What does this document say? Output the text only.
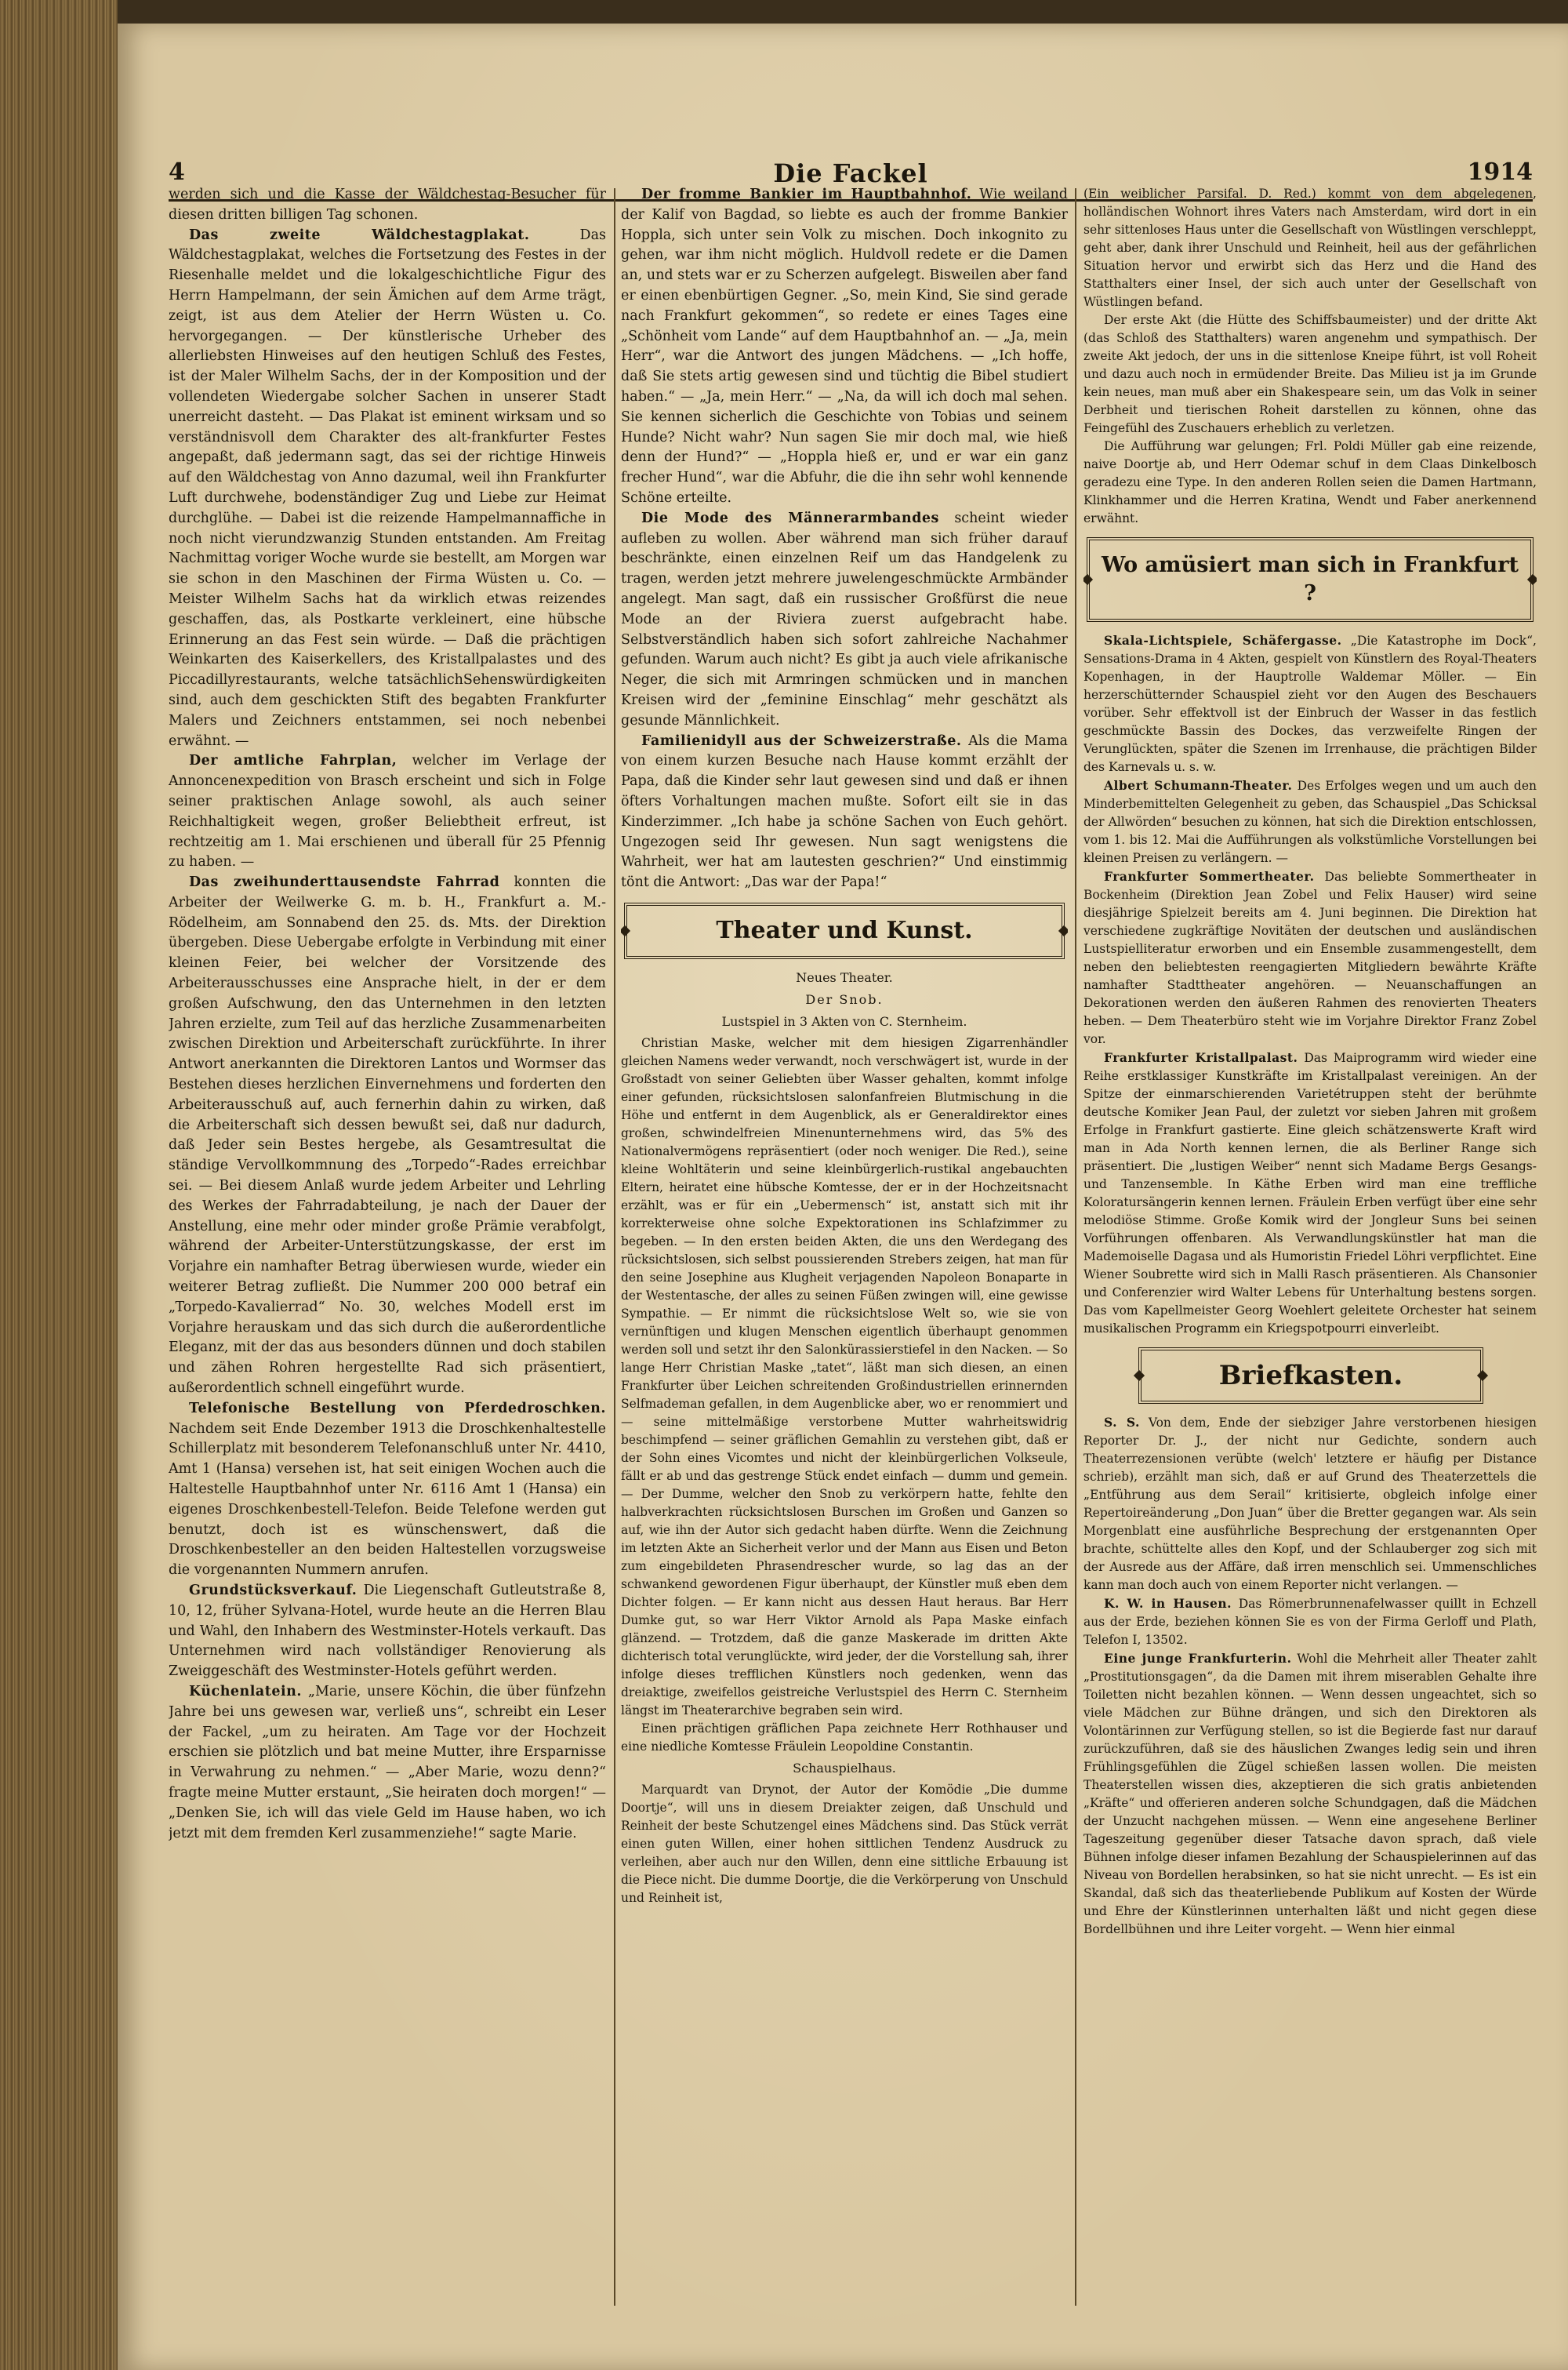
4	Die Fackel	1914

werden sich und die Kasse der Wäldchestag-Besucher für diesen dritten billigen Tag schonen.

Das zweite Wäldchestagplakat. Das Wäldchestagplakat, welches die Fortsetzung des Festes in der Riesenhalle meldet und die lokalgeschichtliche Figur des Herrn Hampelmann, der sein Ämichen auf dem Arme trägt, zeigt, ist aus dem Atelier der Herrn Wüsten u. Co. hervorgegangen. — Der künstlerische Urheber des allerliebsten Hinweises auf den heutigen Schluß des Festes, ist der Maler Wilhelm Sachs, der in der Komposition und der vollendeten Wiedergabe solcher Sachen in unserer Stadt unerreicht dasteht. — Das Plakat ist eminent wirksam und so verständnisvoll dem Charakter des alt-frankfurter Festes angepaßt, daß jedermann sagt, das sei der richtige Hinweis auf den Wäldchestag von Anno dazumal, weil ihn Frankfurter Luft durchwehe, bodenständiger Zug und Liebe zur Heimat durchglühe. — Dabei ist die reizende Hampelmannaffiche in noch nicht vierundzwanzig Stunden entstanden. Am Freitag Nachmittag voriger Woche wurde sie bestellt, am Morgen war sie schon in den Maschinen der Firma Wüsten u. Co. — Meister Wilhelm Sachs hat da wirklich etwas reizendes geschaffen, das, als Postkarte verkleinert, eine hübsche Erinnerung an das Fest sein würde. — Daß die prächtigen Weinkarten des Kaiserkellers, des Kristallpalastes und des Piccadillyrestaurants, welche tatsächlichSehenswürdigkeiten sind, auch dem geschickten Stift des begabten Frankfurter Malers und Zeichners entstammen, sei noch nebenbei erwähnt. —

Der amtliche Fahrplan, welcher im Verlage der Annoncenexpedition von Brasch erscheint und sich in Folge seiner praktischen Anlage sowohl, als auch seiner Reichhaltigkeit wegen, großer Beliebtheit erfreut, ist rechtzeitig am 1. Mai erschienen und überall für 25 Pfennig zu haben. —

Das zweihunderttausendste Fahrrad konnten die Arbeiter der Weilwerke G. m. b. H., Frankfurt a. M.-Rödelheim, am Sonnabend den 25. ds. Mts. der Direktion übergeben. Diese Uebergabe erfolgte in Verbindung mit einer kleinen Feier, bei welcher der Vorsitzende des Arbeiterausschusses eine Ansprache hielt, in der er dem großen Aufschwung, den das Unternehmen in den letzten Jahren erzielte, zum Teil auf das herzliche Zusammenarbeiten zwischen Direktion und Arbeiterschaft zurückführte. In ihrer Antwort anerkannten die Direktoren Lantos und Wormser das Bestehen dieses herzlichen Einvernehmens und forderten den Arbeiterausschuß auf, auch fernerhin dahin zu wirken, daß die Arbeiterschaft sich dessen bewußt sei, daß nur dadurch, daß Jeder sein Bestes hergebe, als Gesamtresultat die ständige Vervollkommnung des „Torpedo“-Rades erreichbar sei. — Bei diesem Anlaß wurde jedem Arbeiter und Lehrling des Werkes der Fahrradabteilung, je nach der Dauer der Anstellung, eine mehr oder minder große Prämie verabfolgt, während der Arbeiter-Unterstützungskasse, der erst im Vorjahre ein namhafter Betrag überwiesen wurde, wieder ein weiterer Betrag zufließt. Die Nummer 200 000 betraf ein „Torpedo-Kavalierrad“ No. 30, welches Modell erst im Vorjahre herauskam und das sich durch die außerordentliche Eleganz, mit der das aus besonders dünnen und doch stabilen und zähen Rohren hergestellte Rad sich präsentiert, außerordentlich schnell eingeführt wurde.

Telefonische Bestellung von Pferdedroschken. Nachdem seit Ende Dezember 1913 die Droschkenhaltestelle Schillerplatz mit besonderem Telefonanschluß unter Nr. 4410, Amt 1 (Hansa) versehen ist, hat seit einigen Wochen auch die Haltestelle Hauptbahnhof unter Nr. 6116 Amt 1 (Hansa) ein eigenes Droschkenbestell-Telefon. Beide Telefone werden gut benutzt, doch ist es wünschenswert, daß die Droschkenbesteller an den beiden Haltestellen vorzugsweise die vorgenannten Nummern anrufen.

Grundstücksverkauf. Die Liegenschaft Gutleutstraße 8, 10, 12, früher Sylvana-Hotel, wurde heute an die Herren Blau und Wahl, den Inhabern des Westminster-Hotels verkauft. Das Unternehmen wird nach vollständiger Renovierung als Zweiggeschäft des Westminster-Hotels geführt werden.

Küchenlatein. „Marie, unsere Köchin, die über fünfzehn Jahre bei uns gewesen war, verließ uns“, schreibt ein Leser der Fackel, „um zu heiraten. Am Tage vor der Hochzeit erschien sie plötzlich und bat meine Mutter, ihre Ersparnisse in Verwahrung zu nehmen.“ — „Aber Marie, wozu denn?“ fragte meine Mutter erstaunt, „Sie heiraten doch morgen!“ — „Denken Sie, ich will das viele Geld im Hause haben, wo ich jetzt mit dem fremden Kerl zusammenziehe!“ sagte Marie.

Der fromme Bankier im Hauptbahnhof. Wie weiland der Kalif von Bagdad, so liebte es auch der fromme Bankier Hoppla, sich unter sein Volk zu mischen. Doch inkognito zu gehen, war ihm nicht möglich. Huldvoll redete er die Damen an, und stets war er zu Scherzen aufgelegt. Bisweilen aber fand er einen ebenbürtigen Gegner. „So, mein Kind, Sie sind gerade nach Frankfurt gekommen“, so redete er eines Tages eine „Schönheit vom Lande“ auf dem Hauptbahnhof an. — „Ja, mein Herr“, war die Antwort des jungen Mädchens. — „Ich hoffe, daß Sie stets artig gewesen sind und tüchtig die Bibel studiert haben.“ — „Ja, mein Herr.“ — „Na, da will ich doch mal sehen. Sie kennen sicherlich die Geschichte von Tobias und seinem Hunde? Nicht wahr? Nun sagen Sie mir doch mal, wie hieß denn der Hund?“ — „Hoppla hieß er, und er war ein ganz frecher Hund“, war die Abfuhr, die die ihn sehr wohl kennende Schöne erteilte.

Die Mode des Männerarmbandes scheint wieder aufleben zu wollen. Aber während man sich früher darauf beschränkte, einen einzelnen Reif um das Handgelenk zu tragen, werden jetzt mehrere juwelengeschmückte Armbänder angelegt. Man sagt, daß ein russischer Großfürst die neue Mode an der Riviera zuerst aufgebracht habe. Selbstverständlich haben sich sofort zahlreiche Nachahmer gefunden. Warum auch nicht? Es gibt ja auch viele afrikanische Neger, die sich mit Armringen schmücken und in manchen Kreisen wird der „feminine Einschlag“ mehr geschätzt als gesunde Männlichkeit.

Familienidyll aus der Schweizerstraße. Als die Mama von einem kurzen Besuche nach Hause kommt erzählt der Papa, daß die Kinder sehr laut gewesen sind und daß er ihnen öfters Vorhaltungen machen mußte. Sofort eilt sie in das Kinderzimmer. „Ich habe ja schöne Sachen von Euch gehört. Ungezogen seid Ihr gewesen. Nun sagt wenigstens die Wahrheit, wer hat am lautesten geschrien?“ Und einstimmig tönt die Antwort: „Das war der Papa!“

Theater und Kunst.
Neues Theater.
Der Snob.
Lustspiel in 3 Akten von C. Sternheim.

Christian Maske, welcher mit dem hiesigen Zigarrenhändler gleichen Namens weder verwandt, noch verschwägert ist, wurde in der Großstadt von seiner Geliebten über Wasser gehalten, kommt infolge einer gefunden, rücksichtslosen salonfanfreien Blutmischung in die Höhe und entfernt in dem Augenblick, als er Generaldirektor eines großen, schwindelfreien Minenunternehmens wird, das 5% des Nationalvermögens repräsentiert (oder noch weniger. Die Red.), seine kleine Wohltäterin und seine kleinbürgerlich-rustikal angebauchten Eltern, heiratet eine hübsche Komtesse, der er in der Hochzeitsnacht erzählt, was er für ein „Uebermensch“ ist, anstatt sich mit ihr korrekterweise ohne solche Expektorationen ins Schlafzimmer zu begeben. — In den ersten beiden Akten, die uns den Werdegang des rücksichtslosen, sich selbst poussierenden Strebers zeigen, hat man für den seine Josephine aus Klugheit verjagenden Napoleon Bonaparte in der Westentasche, der alles zu seinen Füßen zwingen will, eine gewisse Sympathie. — Er nimmt die rücksichtslose Welt so, wie sie von vernünftigen und klugen Menschen eigentlich überhaupt genommen werden soll und setzt ihr den Salonkürassierstiefel in den Nacken. — So lange Herr Christian Maske „tatet“, läßt man sich diesen, an einen Frankfurter über Leichen schreitenden Großindustriellen erinnernden Selfmademan gefallen, in dem Augenblicke aber, wo er renommiert und — seine mittelmäßige verstorbene Mutter wahrheitswidrig beschimpfend — seiner gräflichen Gemahlin zu verstehen gibt, daß er der Sohn eines Vicomtes und nicht der kleinbürgerlichen Volkseule, fällt er ab und das gestrenge Stück endet einfach — dumm und gemein. — Der Dumme, welcher den Snob zu verkörpern hatte, fehlte den halbverkrachten rücksichtslosen Burschen im Großen und Ganzen so auf, wie ihn der Autor sich gedacht haben dürfte. Wenn die Zeichnung im letzten Akte an Sicherheit verlor und der Mann aus Eisen und Beton zum eingebildeten Phrasendrescher wurde, so lag das an der schwankend gewordenen Figur überhaupt, der Künstler muß eben dem Dichter folgen. — Er kann nicht aus dessen Haut heraus. Bar Herr Dumke gut, so war Herr Viktor Arnold als Papa Maske einfach glänzend. — Trotzdem, daß die ganze Maskerade im dritten Akte dichterisch total verunglückte, wird jeder, der die Vorstellung sah, ihrer infolge dieses trefflichen Künstlers noch gedenken, wenn das dreiaktige, zweifellos geistreiche Verlustspiel des Herrn C. Sternheim längst im Theaterarchive begraben sein wird.

Einen prächtigen gräflichen Papa zeichnete Herr Rothhauser und eine niedliche Komtesse Fräulein Leopoldine Constantin.

Schauspielhaus.

Marquardt van Drynot, der Autor der Komödie „Die dumme Doortje“, will uns in diesem Dreiakter zeigen, daß Unschuld und Reinheit der beste Schutzengel eines Mädchens sind. Das Stück verrät einen guten Willen, einer hohen sittlichen Tendenz Ausdruck zu verleihen, aber auch nur den Willen, denn eine sittliche Erbauung ist die Piece nicht. Die dumme Doortje, die die Verkörperung von Unschuld und Reinheit ist,

(Ein weiblicher Parsifal. D. Red.) kommt von dem abgelegenen, holländischen Wohnort ihres Vaters nach Amsterdam, wird dort in ein sehr sittenloses Haus unter die Gesellschaft von Wüstlingen verschleppt, geht aber, dank ihrer Unschuld und Reinheit, heil aus der gefährlichen Situation hervor und erwirbt sich das Herz und die Hand des Statthalters einer Insel, der sich auch unter der Gesellschaft von Wüstlingen befand.

Der erste Akt (die Hütte des Schiffsbaumeister) und der dritte Akt (das Schloß des Statthalters) waren angenehm und sympathisch. Der zweite Akt jedoch, der uns in die sittenlose Kneipe führt, ist voll Roheit und dazu auch noch in ermüdender Breite. Das Milieu ist ja im Grunde kein neues, man muß aber ein Shakespeare sein, um das Volk in seiner Derbheit und tierischen Roheit darstellen zu können, ohne das Feingefühl des Zuschauers erheblich zu verletzen.

Die Aufführung war gelungen; Frl. Poldi Müller gab eine reizende, naive Doortje ab, und Herr Odemar schuf in dem Claas Dinkelbosch geradezu eine Type. In den anderen Rollen seien die Damen Hartmann, Klinkhammer und die Herren Kratina, Wendt und Faber anerkennend erwähnt.

Wo amüsiert man sich in Frankfurt ?

Skala-Lichtspiele, Schäfergasse. „Die Katastrophe im Dock“, Sensations-Drama in 4 Akten, gespielt von Künstlern des Royal-Theaters Kopenhagen, in der Hauptrolle Waldemar Möller. — Ein herzerschütternder Schauspiel zieht vor den Augen des Beschauers vorüber. Sehr effektvoll ist der Einbruch der Wasser in das festlich geschmückte Bassin des Dockes, das verzweifelte Ringen der Verunglückten, später die Szenen im Irrenhause, die prächtigen Bilder des Karnevals u. s. w.

Albert Schumann-Theater. Des Erfolges wegen und um auch den Minderbemittelten Gelegenheit zu geben, das Schauspiel „Das Schicksal der Allwörden“ besuchen zu können, hat sich die Direktion entschlossen, vom 1. bis 12. Mai die Aufführungen als volkstümliche Vorstellungen bei kleinen Preisen zu verlängern. —

Frankfurter Sommertheater. Das beliebte Sommertheater in Bockenheim (Direktion Jean Zobel und Felix Hauser) wird seine diesjährige Spielzeit bereits am 4. Juni beginnen. Die Direktion hat verschiedene zugkräftige Novitäten der deutschen und ausländischen Lustspielliteratur erworben und ein Ensemble zusammengestellt, dem neben den beliebtesten reengagierten Mitgliedern bewährte Kräfte namhafter Stadttheater angehören. — Neuanschaffungen an Dekorationen werden den äußeren Rahmen des renovierten Theaters heben. — Dem Theaterbüro steht wie im Vorjahre Direktor Franz Zobel vor.

Frankfurter Kristallpalast. Das Maiprogramm wird wieder eine Reihe erstklassiger Kunstkräfte im Kristallpalast vereinigen. An der Spitze der einmarschierenden Varietétruppen steht der berühmte deutsche Komiker Jean Paul, der zuletzt vor sieben Jahren mit großem Erfolge in Frankfurt gastierte. Eine gleich schätzenswerte Kraft wird man in Ada North kennen lernen, die als Berliner Range sich präsentiert. Die „lustigen Weiber“ nennt sich Madame Bergs Gesangs- und Tanzensemble. In Käthe Erben wird man eine treffliche Koloratursängerin kennen lernen. Fräulein Erben verfügt über eine sehr melodiöse Stimme. Große Komik wird der Jongleur Suns bei seinen Vorführungen offenbaren. Als Verwandlungskünstler hat man die Mademoiselle Dagasa und als Humoristin Friedel Löhri verpflichtet. Eine Wiener Soubrette wird sich in Malli Rasch präsentieren. Als Chansonier und Conferenzier wird Walter Lebens für Unterhaltung bestens sorgen. Das vom Kapellmeister Georg Woehlert geleitete Orchester hat seinem musikalischen Programm ein Kriegspotpourri einverleibt.

Briefkasten.

S. S. Von dem, Ende der siebziger Jahre verstorbenen hiesigen Reporter Dr. J., der nicht nur Gedichte, sondern auch Theaterrezensionen verübte (welch' letztere er häufig per Distance schrieb), erzählt man sich, daß er auf Grund des Theaterzettels die „Entführung aus dem Serail“ kritisierte, obgleich infolge einer Repertoireänderung „Don Juan“ über die Bretter gegangen war. Als sein Morgenblatt eine ausführliche Besprechung der erstgenannten Oper brachte, schüttelte alles den Kopf, und der Schlauberger zog sich mit der Ausrede aus der Affäre, daß irren menschlich sei. Ummenschliches kann man doch auch von einem Reporter nicht verlangen. —

K. W. in Hausen. Das Römerbrunnenafelwasser quillt in Echzell aus der Erde, beziehen können Sie es von der Firma Gerloff und Plath, Telefon I, 13502.

Eine junge Frankfurterin. Wohl die Mehrheit aller Theater zahlt „Prostitutionsgagen“, da die Damen mit ihrem miserablen Gehalte ihre Toiletten nicht bezahlen können. — Wenn dessen ungeachtet, sich so viele Mädchen zur Bühne drängen, und sich den Direktoren als Volontärinnen zur Verfügung stellen, so ist die Begierde fast nur darauf zurückzuführen, daß sie des häuslichen Zwanges ledig sein und ihren Frühlingsgefühlen die Zügel schießen lassen wollen. Die meisten Theaterstellen wissen dies, akzeptieren die sich gratis anbietenden „Kräfte“ und offerieren anderen solche Schundgagen, daß die Mädchen der Unzucht nachgehen müssen. — Wenn eine angesehene Berliner Tageszeitung gegenüber dieser Tatsache davon sprach, daß viele Bühnen infolge dieser infamen Bezahlung der Schauspielerinnen auf das Niveau von Bordellen herabsinken, so hat sie nicht unrecht. — Es ist ein Skandal, daß sich das theaterliebende Publikum auf Kosten der Würde und Ehre der Künstlerinnen unterhalten läßt und nicht gegen diese Bordellbühnen und ihre Leiter vorgeht. — Wenn hier einmal
